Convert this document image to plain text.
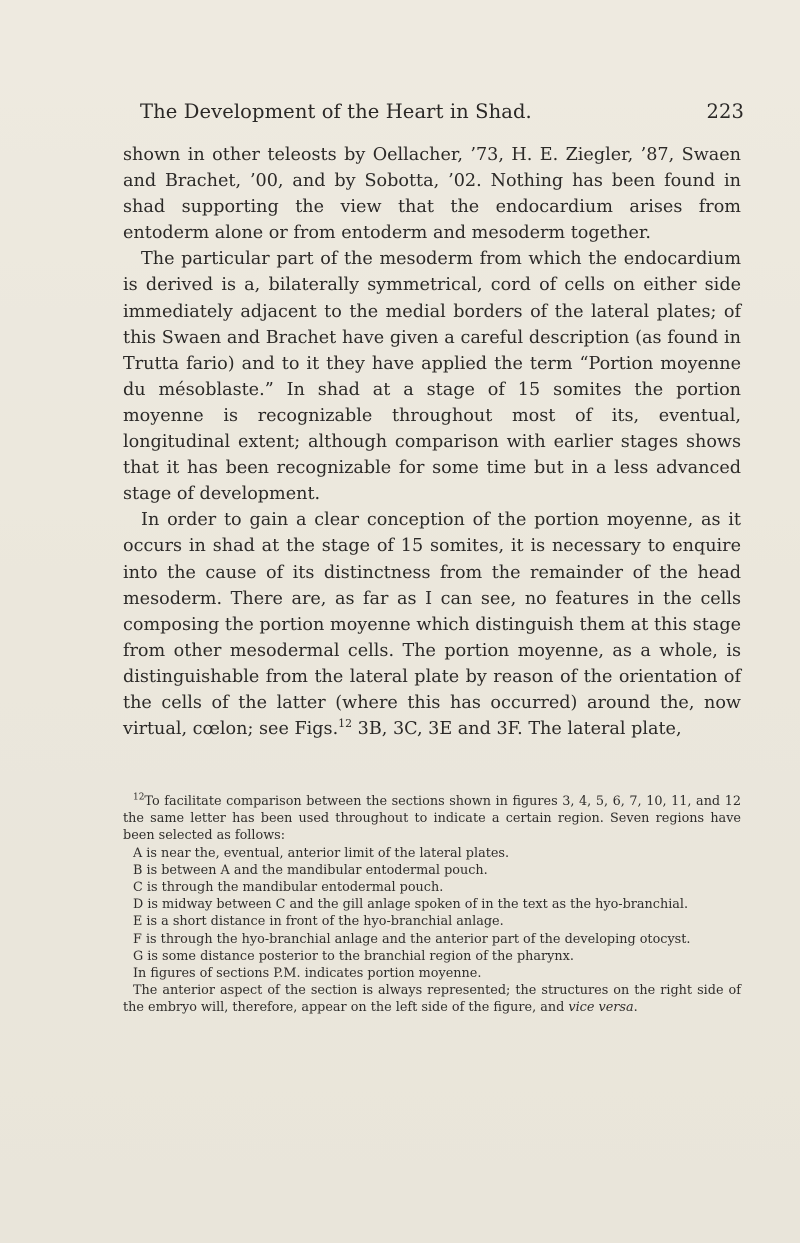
The Development of the Heart in Shad.	223

shown in other teleosts by Oellacher, ’73, H. E. Ziegler, ’87, Swaen and Brachet, ’00, and by Sobotta, ’02. Nothing has been found in shad supporting the view that the endocardium arises from entoderm alone or from entoderm and mesoderm together.

The particular part of the mesoderm from which the endocardium is derived is a, bilaterally symmetrical, cord of cells on either side immediately adjacent to the medial borders of the lateral plates; of this Swaen and Brachet have given a careful description (as found in Trutta fario) and to it they have applied the term “Portion moyenne du mésoblaste.” In shad at a stage of 15 somites the portion moyenne is recognizable throughout most of its, eventual, longitudinal extent; although comparison with earlier stages shows that it has been recognizable for some time but in a less advanced stage of development.

In order to gain a clear conception of the portion moyenne, as it occurs in shad at the stage of 15 somites, it is necessary to enquire into the cause of its distinctness from the remainder of the head mesoderm. There are, as far as I can see, no features in the cells composing the portion moyenne which distinguish them at this stage from other mesodermal cells. The portion moyenne, as a whole, is distinguishable from the lateral plate by reason of the orientation of the cells of the latter (where this has occurred) around the, now virtual, cœlon; see Figs.$^{12}$ 3B, 3C, 3E and 3F. The lateral plate,

$^{12}$To facilitate comparison between the sections shown in figures 3, 4, 5, 6, 7, 10, 11, and 12 the same letter has been used throughout to indicate a certain region. Seven regions have been selected as follows:

A is near the, eventual, anterior limit of the lateral plates.

B is between A and the mandibular entodermal pouch.

C is through the mandibular entodermal pouch.

D is midway between C and the gill anlage spoken of in the text as the hyo-branchial.

E is a short distance in front of the hyo-branchial anlage.

F is through the hyo-branchial anlage and the anterior part of the developing otocyst.

G is some distance posterior to the branchial region of the pharynx.

In figures of sections P.M. indicates portion moyenne.

The anterior aspect of the section is always represented; the structures on the right side of the embryo will, therefore, appear on the left side of the figure, and vice versa.
